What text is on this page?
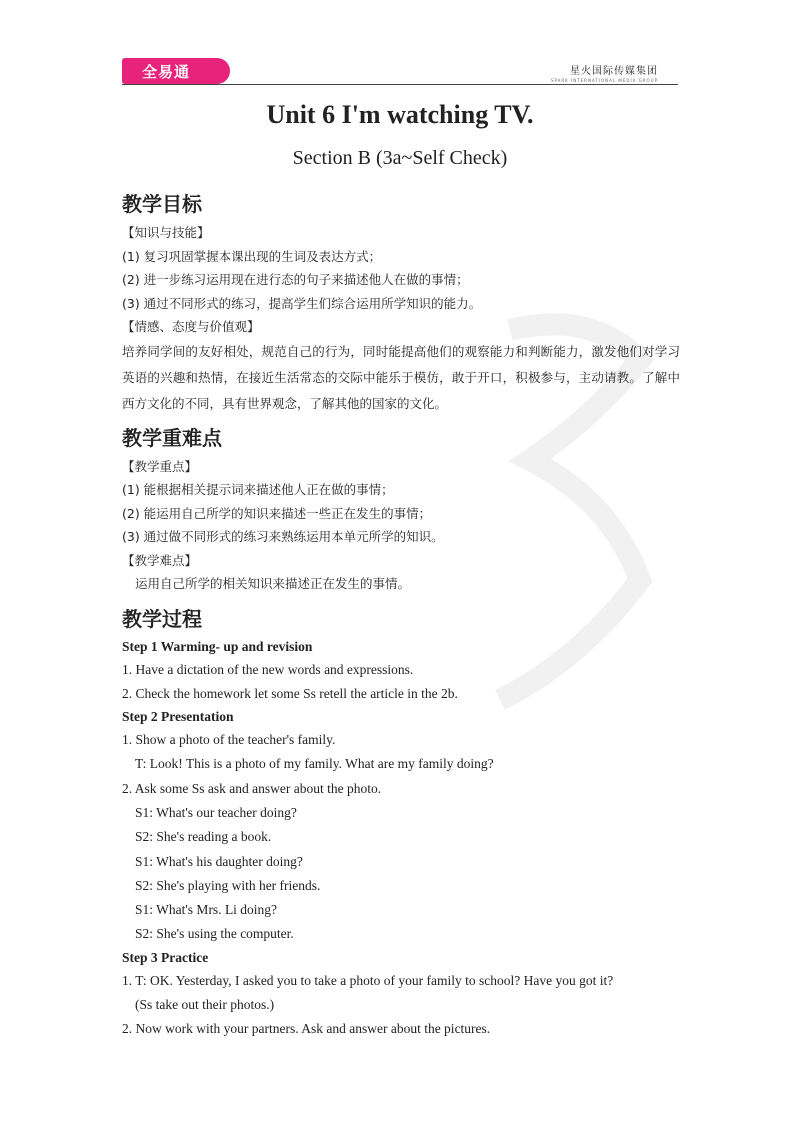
全易通	星火国际传媒集团
SPARK INTERNATIONAL MEDIA GROUP
Unit 6 I'm watching TV.
Section B (3a~Self Check)
教学目标

【知识与技能】

(1) 复习巩固掌握本课出现的生词及表达方式；

(2) 进一步练习运用现在进行态的句子来描述他人在做的事情；

(3) 通过不同形式的练习，提高学生们综合运用所学知识的能力。

【情感、态度与价值观】

培养同学间的友好相处，规范自己的行为，同时能提高他们的观察能力和判断能力，激发他们对学习英语的兴趣和热情，在接近生活常态的交际中能乐于模仿，敢于开口，积极参与，主动请教。了解中西方文化的不同，具有世界观念，了解其他的国家的文化。

教学重难点

【教学重点】

(1) 能根据相关提示词来描述他人正在做的事情；

(2) 能运用自己所学的知识来描述一些正在发生的事情；

(3) 通过做不同形式的练习来熟练运用本单元所学的知识。

【教学难点】

运用自己所学的相关知识来描述正在发生的事情。

教学过程

Step 1 Warming- up and revision

1. Have a dictation of the new words and expressions.

2. Check the homework let some Ss retell the article in the 2b.

Step 2 Presentation

1. Show a photo of the teacher's family.

T: Look! This is a photo of my family. What are my family doing?

2. Ask some Ss ask and answer about the photo.

S1: What's our teacher doing?

S2: She's reading a book.

S1: What's his daughter doing?

S2: She's playing with her friends.

S1: What's Mrs. Li doing?

S2: She's using the computer.

Step 3 Practice

1. T: OK. Yesterday, I asked you to take a photo of your family to school? Have you got it?

(Ss take out their photos.)

2. Now work with your partners. Ask and answer about the pictures.
